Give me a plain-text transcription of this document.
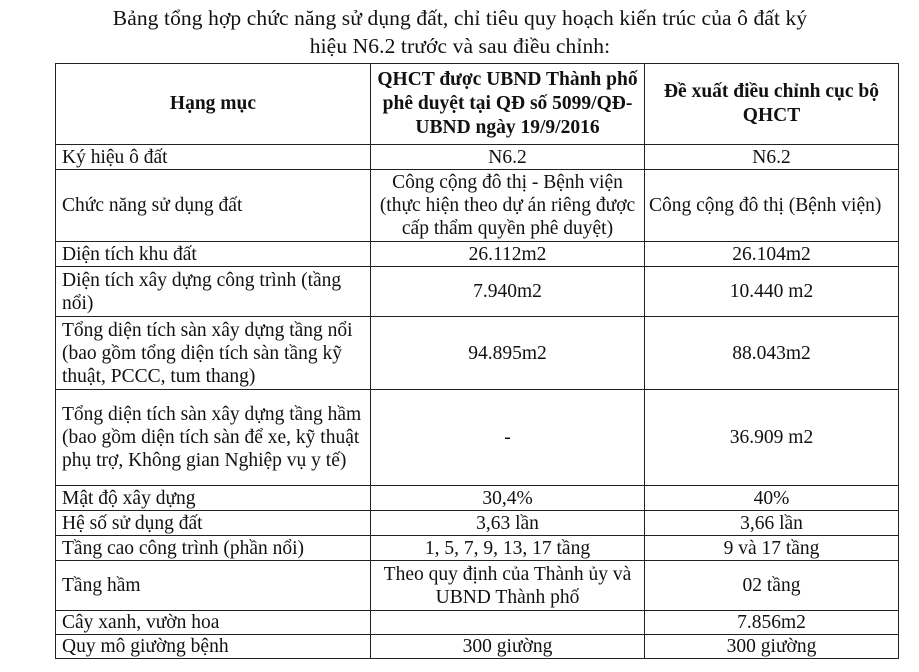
Bảng tổng hợp chức năng sử dụng đất, chỉ tiêu quy hoạch kiến trúc của ô đất ký
hiệu N6.2 trước và sau điều chỉnh:
Hạng mục	QHCT được UBND Thành phố phê duyệt tại QĐ số 5099/QĐ-UBND ngày 19/9/2016	Đề xuất điều chỉnh cục bộ QHCT
Ký hiệu ô đất	N6.2	N6.2
Chức năng sử dụng đất	Công cộng đô thị - Bệnh viện (thực hiện theo dự án riêng được cấp thẩm quyền phê duyệt)	Công cộng đô thị (Bệnh viện)
Diện tích khu đất	26.112m2	26.104m2
Diện tích xây dựng công trình (tầng nổi)	7.940m2	10.440 m2
Tổng diện tích sàn xây dựng tầng nổi (bao gồm tổng diện tích sàn tầng kỹ thuật, PCCC, tum thang)	94.895m2	88.043m2
Tổng diện tích sàn xây dựng tầng hầm (bao gồm diện tích sàn để xe, kỹ thuật phụ trợ, Không gian Nghiệp vụ y tế)	-	36.909 m2
Mật độ xây dựng	30,4%	40%
Hệ số sử dụng đất	3,63 lần	3,66 lần
Tầng cao công trình (phần nổi)	1, 5, 7, 9, 13, 17 tầng	9 và 17 tầng
Tầng hầm	Theo quy định của Thành ủy và UBND Thành phố	02 tầng
Cây xanh, vườn hoa		7.856m2
Quy mô giường bệnh	300 giường	300 giường
